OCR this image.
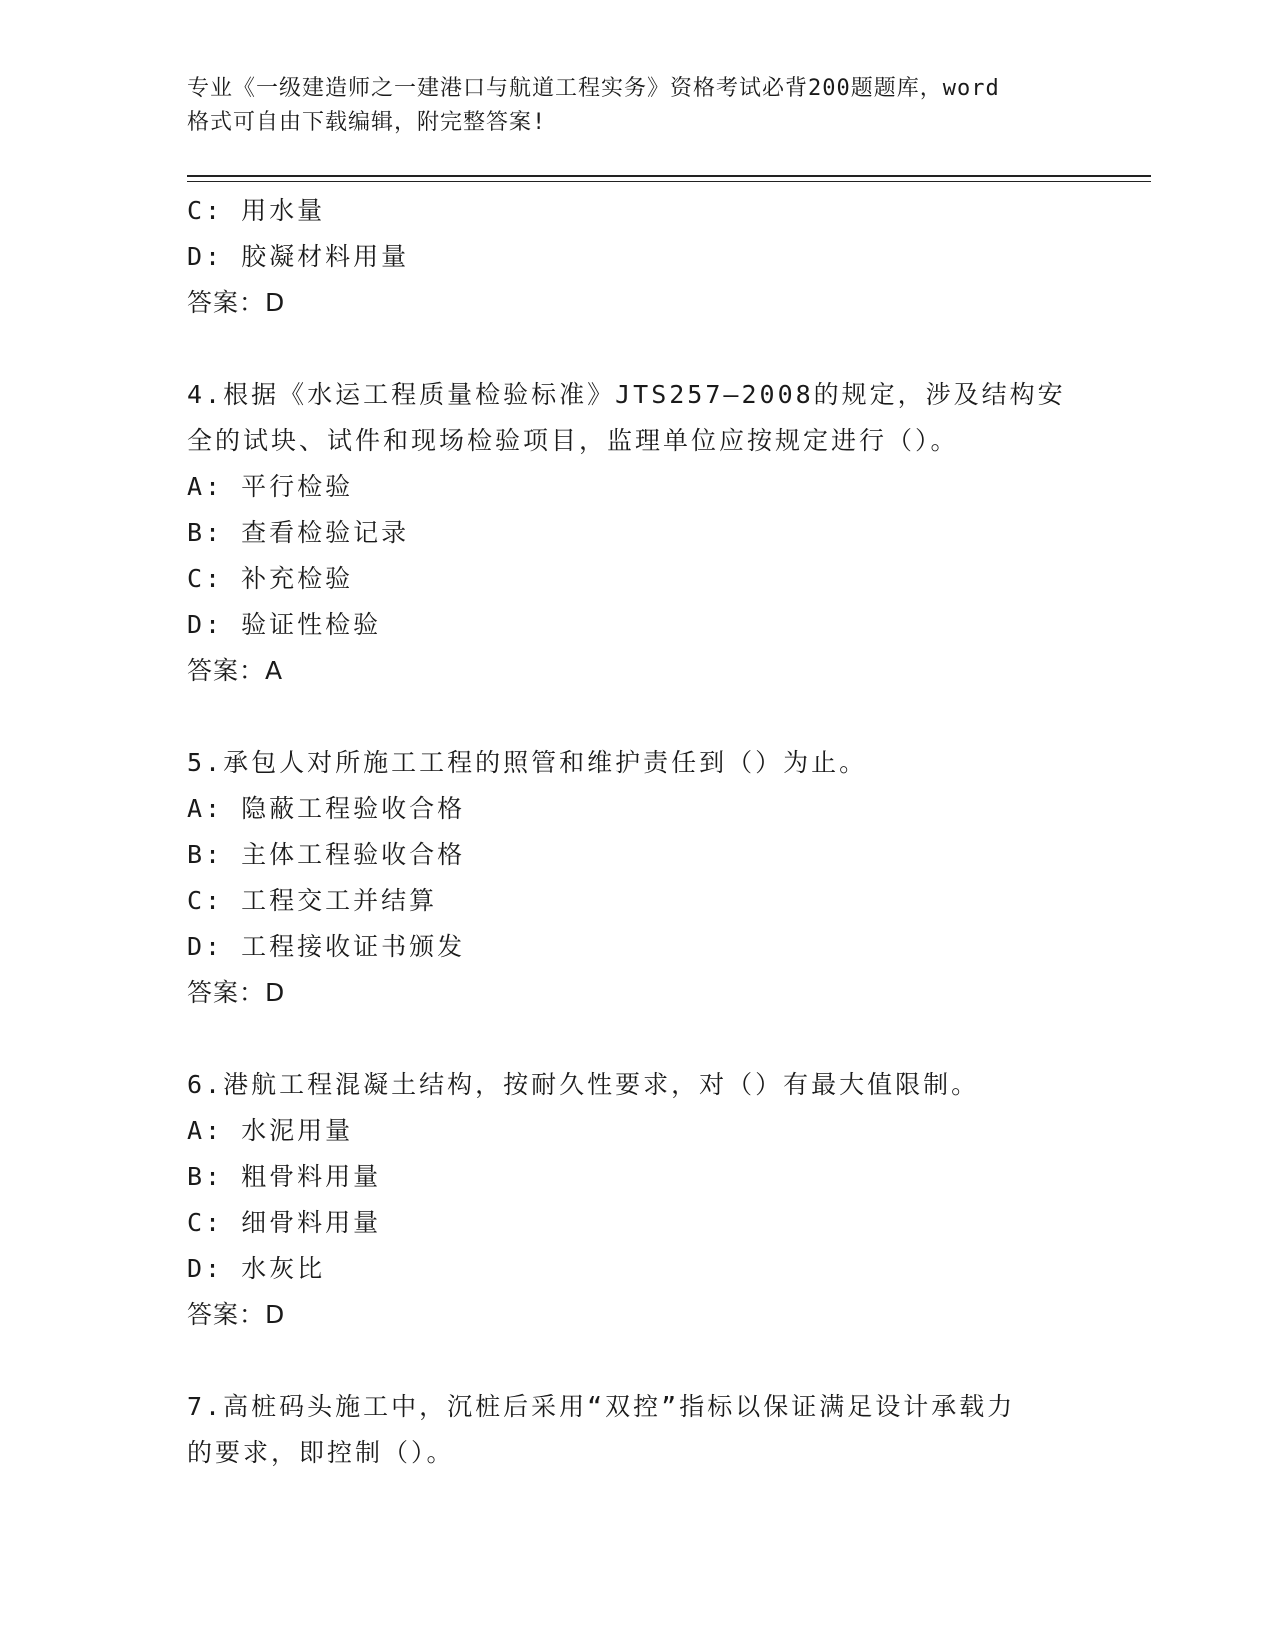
专业《一级建造师之一建港口与航道工程实务》资格考试必背200题题库，word
格式可自由下载编辑，附完整答案!
C: 用水量
D: 胶凝材料用量
答案：D
4.根据《水运工程质量检验标准》JTS257—2008的规定，涉及结构安
全的试块、试件和现场检验项目，监理单位应按规定进行（）。
A: 平行检验
B: 查看检验记录
C: 补充检验
D: 验证性检验
答案：A
5.承包人对所施工工程的照管和维护责任到（）为止。
A: 隐蔽工程验收合格
B: 主体工程验收合格
C: 工程交工并结算
D: 工程接收证书颁发
答案：D
6.港航工程混凝土结构，按耐久性要求，对（）有最大值限制。
A: 水泥用量
B: 粗骨料用量
C: 细骨料用量
D: 水灰比
答案：D
7.高桩码头施工中，沉桩后采用“双控”指标以保证满足设计承载力
的要求，即控制（）。
